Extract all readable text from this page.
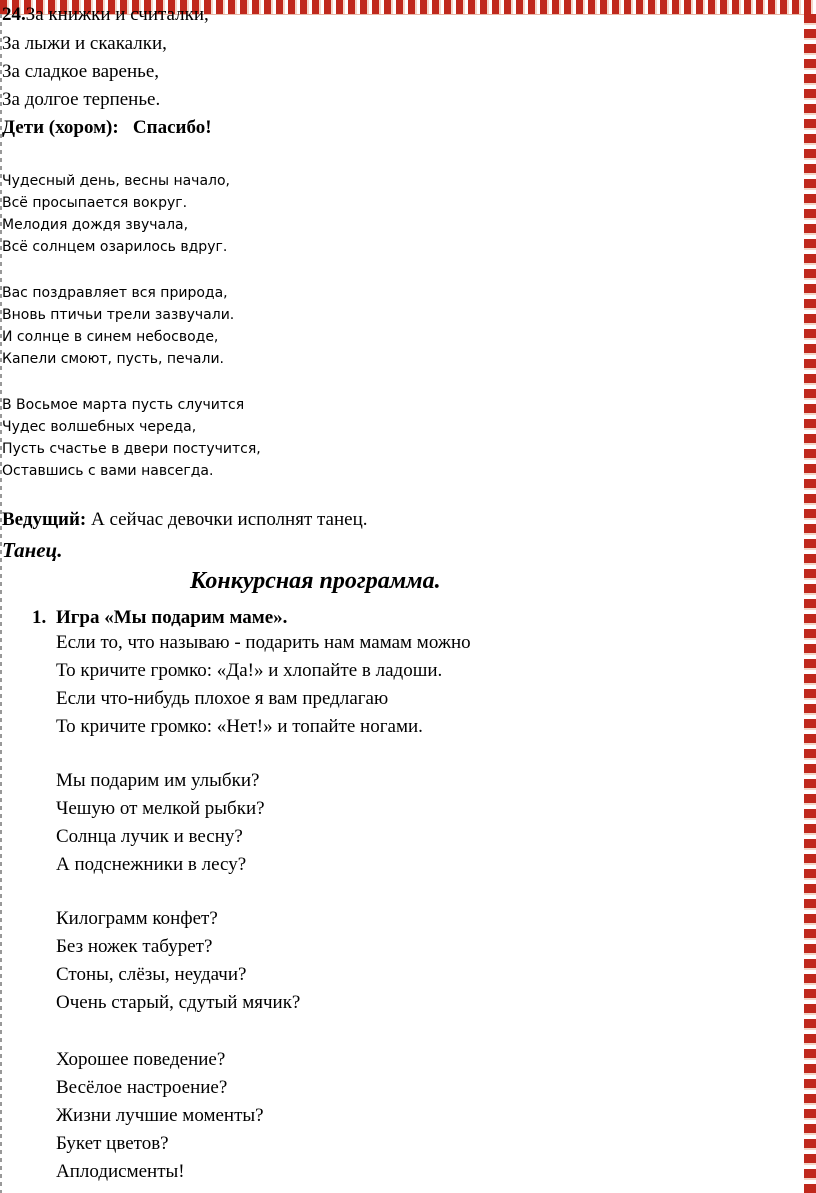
24.За книжки и считалки,
За лыжи и скакалки,
За сладкое варенье,
За долгое терпенье.
Дети (хором): Спасибо!
Чудесный день, весны начало,
Всё просыпается вокруг.
Мелодия дождя звучала,
Всё солнцем озарилось вдруг.
Вас поздравляет вся природа,
Вновь птичьи трели зазвучали.
И солнце в синем небосводе,
Капели смоют, пусть, печали.
В Восьмое марта пусть случится
Чудес волшебных череда,
Пусть счастье в двери постучится,
Оставшись с вами навсегда.
Ведущий: А сейчас девочки исполнят танец.
Танец.
Конкурсная программа.
1. Игра «Мы подарим маме».
Если то, что называю - подарить нам мамам можно
То кричите громко: «Да!» и хлопайте в ладоши.
Если что-нибудь плохое я вам предлагаю
То кричите громко: «Нет!» и топайте ногами.
Мы подарим им улыбки?
Чешую от мелкой рыбки?
Солнца лучик и весну?
А подснежники в лесу?
Килограмм конфет?
Без ножек табурет?
Стоны, слёзы, неудачи?
Очень старый, сдутый мячик?
Хорошее поведение?
Весёлое настроение?
Жизни лучшие моменты?
Букет цветов?
Аплодисменты!
